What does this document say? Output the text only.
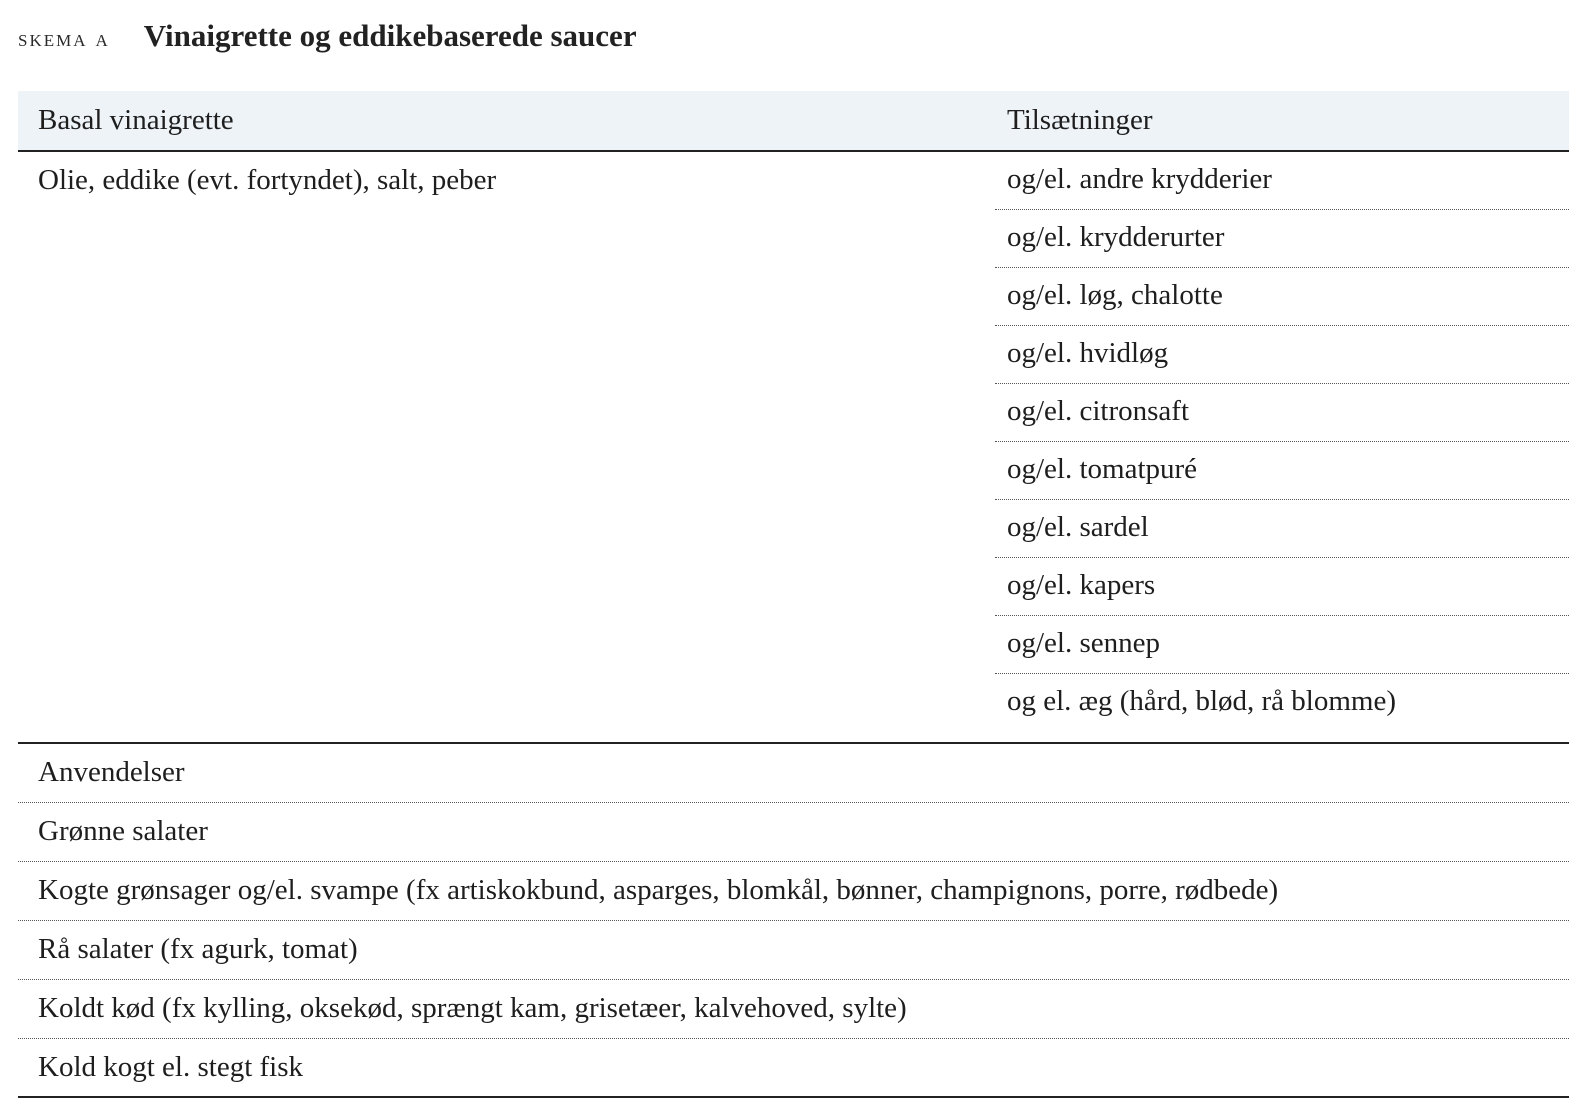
skema a Vinaigrette og eddikebaserede saucer
Basal vinaigrette	Tilsætninger
Olie, eddike (evt. fortyndet), salt, peber	og/el. andre krydderier
og/el. krydderurter
og/el. løg, chalotte
og/el. hvidløg
og/el. citronsaft
og/el. tomatpuré
og/el. sardel
og/el. kapers
og/el. sennep
og el. æg (hård, blød, rå blomme)
Anvendelser
Grønne salater
Kogte grønsager og/el. svampe (fx artiskokbund, asparges, blomkål, bønner, champignons, porre, rødbede)
Rå salater (fx agurk, tomat)
Koldt kød (fx kylling, oksekød, sprængt kam, grisetæer, kalvehoved, sylte)
Kold kogt el. stegt fisk
